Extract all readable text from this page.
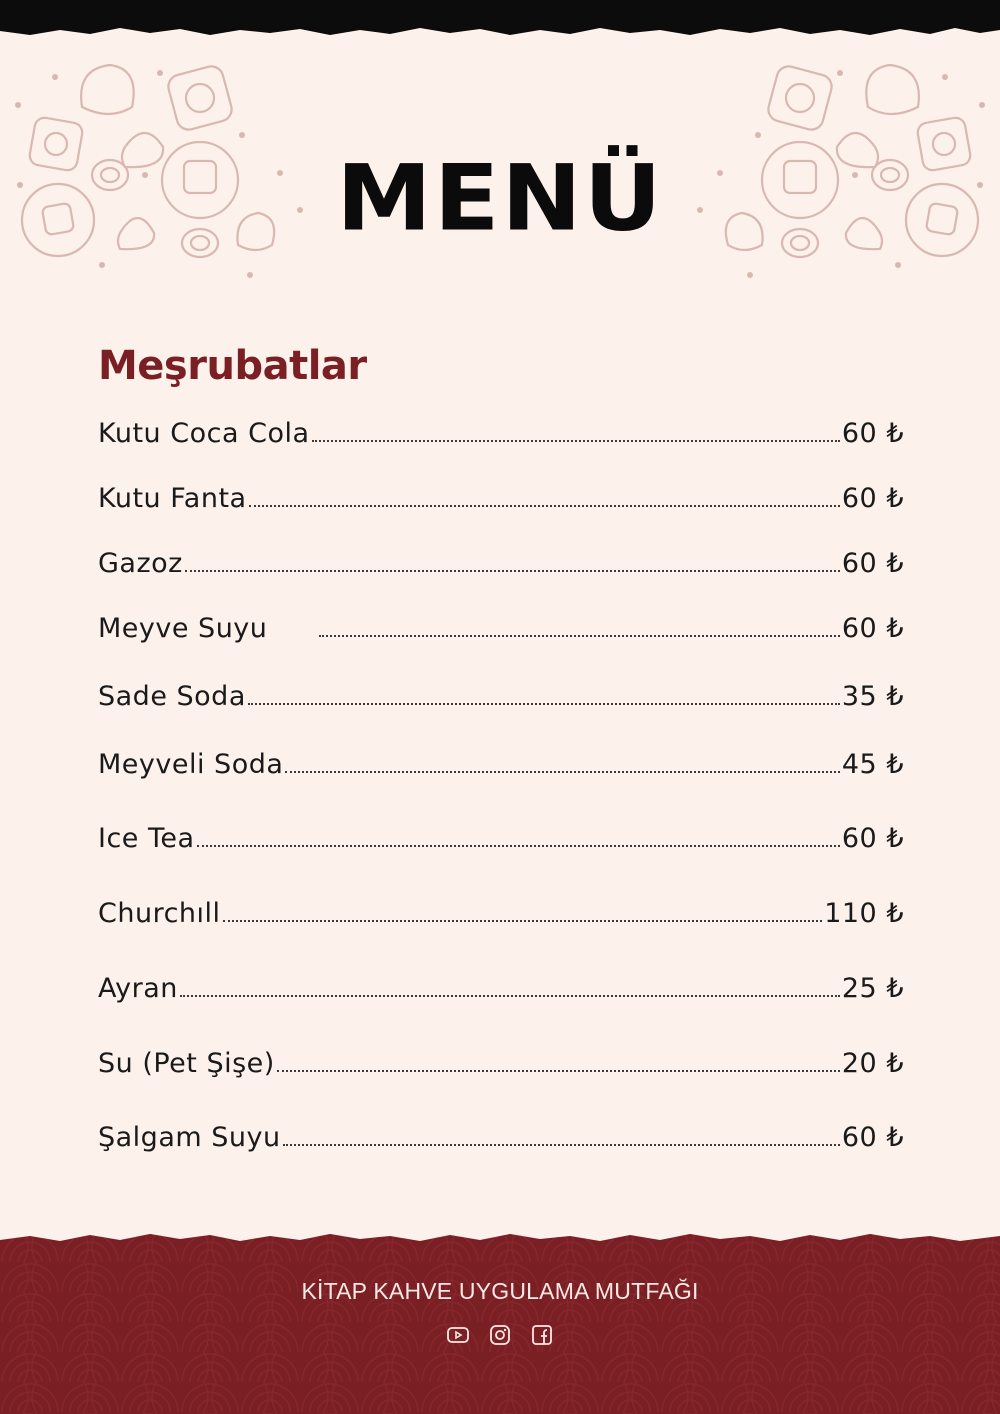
MENÜ
Meşrubatlar
Kutu Coca Cola	60 ₺
Kutu Fanta	60 ₺
Gazoz	60 ₺
Meyve Suyu	60 ₺
Sade Soda	35 ₺
Meyveli Soda	45 ₺
Ice Tea	60 ₺
Churchıll	110 ₺
Ayran	25 ₺
Su (Pet Şişe)	20 ₺
Şalgam Suyu	60 ₺
KİTAP KAHVE UYGULAMA MUTFAĞI
